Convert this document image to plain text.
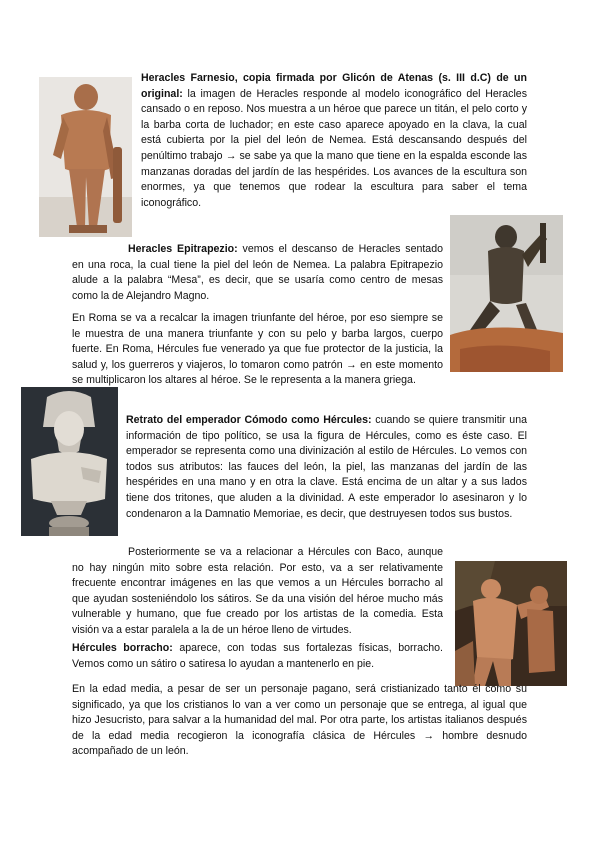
Heracles Farnesio, copia firmada por Glicón de Atenas (s. III d.C) de un original: la imagen de Heracles responde al modelo iconográfico del Heracles cansado o en reposo. Nos muestra a un héroe que parece un titán, el pelo corto y la barba corta de luchador; en este caso aparece apoyado en la clava, la cual está cubierta por la piel del león de Nemea. Está descansando después del penúltimo trabajo → se sabe ya que la mano que tiene en la espalda esconde las manzanas doradas del jardín de las hespérides. Los avances de la escultura son enormes, ya que tenemos que rodear la escultura para saber el tema iconográfico.

Heracles Epitrapezio: vemos el descanso de Heracles sentado en una roca, la cual tiene la piel del león de Nemea. La palabra Epitrapezio alude a la palabra “Mesa”, es decir, que se usaría como centro de mesas como la de Alejandro Magno.

En Roma se va a recalcar la imagen triunfante del héroe, por eso siempre se le muestra de una manera triunfante y con su pelo y barba largos, cuerpo fuerte. En Roma, Hércules fue venerado ya que fue protector de la justicia, la salud y, los guerreros y viajeros, lo tomaron como patrón → en este momento se multiplicaron los altares al héroe. Se le representa a la manera griega.

Retrato del emperador Cómodo como Hércules: cuando se quiere transmitir una información de tipo político, se usa la figura de Hércules, como es éste caso. El emperador se representa como una divinización al estilo de Hércules. Lo vemos con todos sus atributos: las fauces del león, la piel, las manzanas del jardín de las hespérides en una mano y en otra la clave. Está encima de un altar y a sus lados tiene dos tritones, que aluden a la divinidad. A este emperador lo asesinaron y lo condenaron a la Damnatio Memoriae, es decir, que destruyesen todos sus bustos.

Posteriormente se va a relacionar a Hércules con Baco, aunque no hay ningún mito sobre esta relación. Por esto, va a ser relativamente frecuente encontrar imágenes en las que vemos a un Hércules borracho al que ayudan sosteniéndolo los sátiros. Se da una visión del héroe mucho más vulnerable y humano, que fue creado por los artistas de la comedia. Esta visión va a estar paralela a la de un héroe lleno de virtudes.

Hércules borracho: aparece, con todas sus fortalezas físicas, borracho. Vemos como un sátiro o satiresa lo ayudan a mantenerlo en pie.

En la edad media, a pesar de ser un personaje pagano, será cristianizado tanto él como su significado, ya que los cristianos lo van a ver como un personaje que se entrega, al igual que hizo Jesucristo, para salvar a la humanidad del mal. Por otra parte, los artistas italianos después de la edad media recogieron la iconografía clásica de Hércules → hombre desnudo acompañado de un león.
